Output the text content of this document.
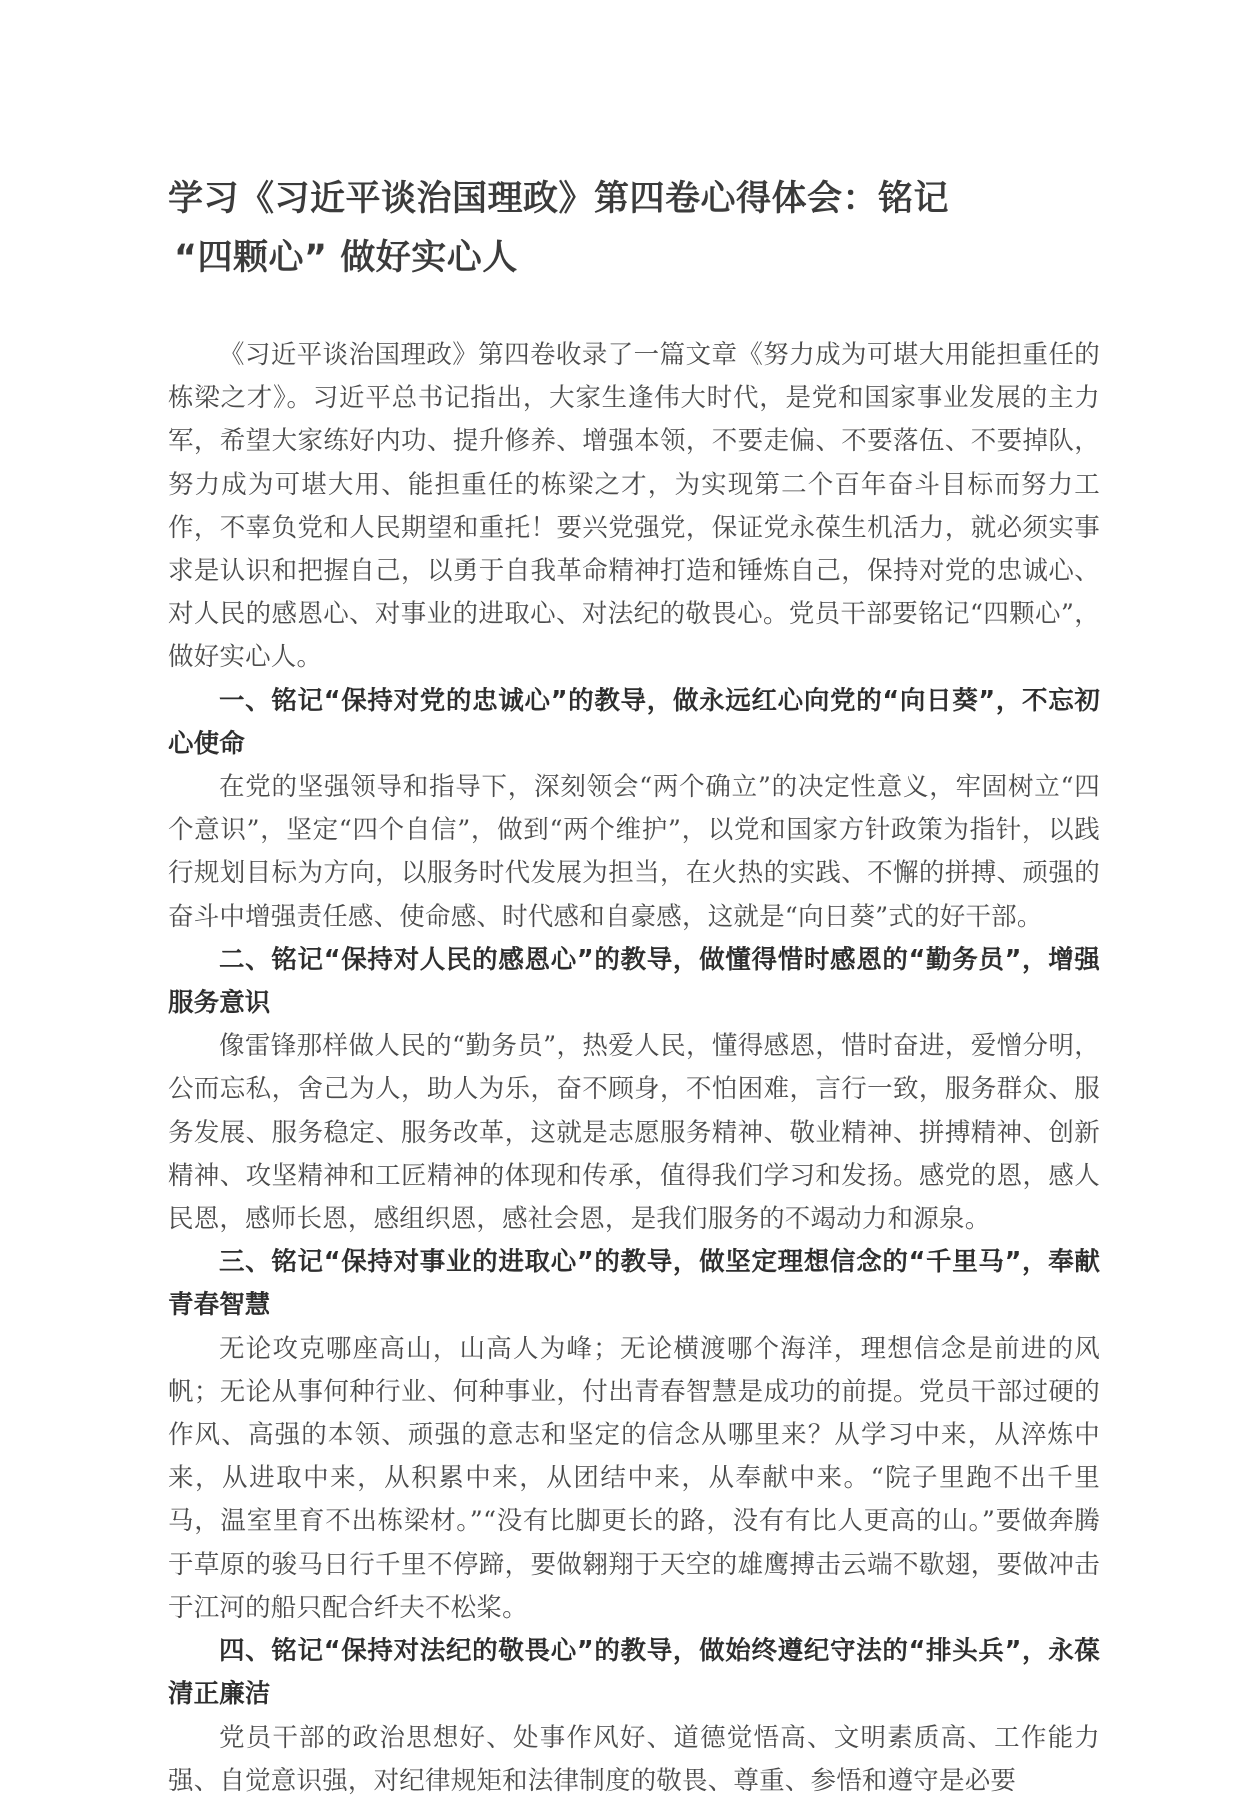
学习《习近平谈治国理政》第四卷心得体会：铭记
“四颗心” 做好实心人

《习近平谈治国理政》第四卷收录了一篇文章《努力成为可堪大用能担重任的栋梁之才》。习近平总书记指出，大家生逢伟大时代，是党和国家事业发展的主力军，希望大家练好内功、提升修养、增强本领，不要走偏、不要落伍、不要掉队，努力成为可堪大用、能担重任的栋梁之才，为实现第二个百年奋斗目标而努力工作，不辜负党和人民期望和重托！要兴党强党，保证党永葆生机活力，就必须实事求是认识和把握自己，以勇于自我革命精神打造和锤炼自己，保持对党的忠诚心、对人民的感恩心、对事业的进取心、对法纪的敬畏心。党员干部要铭记“四颗心”，做好实心人。

一、铭记“保持对党的忠诚心”的教导，做永远红心向党的“向日葵”，不忘初心使命

在党的坚强领导和指导下，深刻领会“两个确立”的决定性意义，牢固树立“四个意识”，坚定“四个自信”，做到“两个维护”，以党和国家方针政策为指针，以践行规划目标为方向，以服务时代发展为担当，在火热的实践、不懈的拼搏、顽强的奋斗中增强责任感、使命感、时代感和自豪感，这就是“向日葵”式的好干部。

二、铭记“保持对人民的感恩心”的教导，做懂得惜时感恩的“勤务员”，增强服务意识

像雷锋那样做人民的“勤务员”，热爱人民，懂得感恩，惜时奋进，爱憎分明，公而忘私，舍己为人，助人为乐，奋不顾身，不怕困难，言行一致，服务群众、服务发展、服务稳定、服务改革，这就是志愿服务精神、敬业精神、拼搏精神、创新精神、攻坚精神和工匠精神的体现和传承，值得我们学习和发扬。感党的恩，感人民恩，感师长恩，感组织恩，感社会恩，是我们服务的不竭动力和源泉。

三、铭记“保持对事业的进取心”的教导，做坚定理想信念的“千里马”，奉献青春智慧

无论攻克哪座高山，山高人为峰；无论横渡哪个海洋，理想信念是前进的风帆；无论从事何种行业、何种事业，付出青春智慧是成功的前提。党员干部过硬的作风、高强的本领、顽强的意志和坚定的信念从哪里来？从学习中来，从淬炼中来，从进取中来，从积累中来，从团结中来，从奉献中来。“院子里跑不出千里马，温室里育不出栋梁材。”“没有比脚更长的路，没有有比人更高的山。”要做奔腾于草原的骏马日行千里不停蹄，要做翱翔于天空的雄鹰搏击云端不歇翅，要做冲击于江河的船只配合纤夫不松桨。

四、铭记“保持对法纪的敬畏心”的教导，做始终遵纪守法的“排头兵”，永葆清正廉洁

党员干部的政治思想好、处事作风好、道德觉悟高、文明素质高、工作能力强、自觉意识强，对纪律规矩和法律制度的敬畏、尊重、参悟和遵守是必要
